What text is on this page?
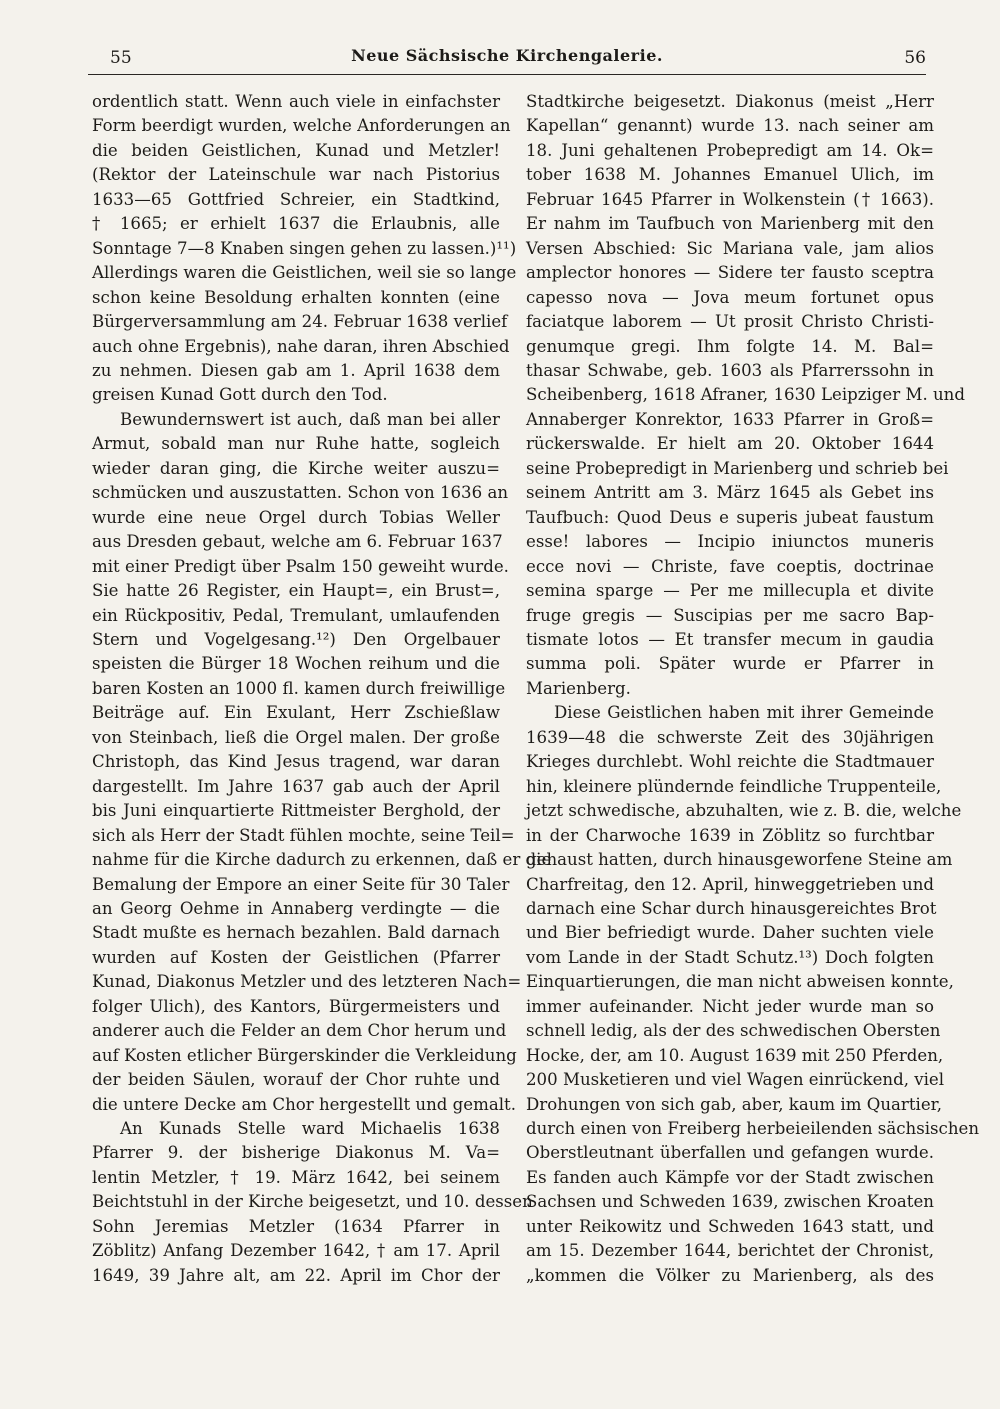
55	Neue Sächsische Kirchengalerie.	56
ordentlich statt. Wenn auch viele in einfachster
Form beerdigt wurden, welche Anforderungen an
die beiden Geistlichen, Kunad und Metzler!
(Rektor der Lateinschule war nach Pistorius
1633—65 Gottfried Schreier, ein Stadtkind,
† 1665; er erhielt 1637 die Erlaubnis, alle
Sonntage 7—8 Knaben singen gehen zu lassen.)¹¹)
Allerdings waren die Geistlichen, weil sie so lange
schon keine Besoldung erhalten konnten (eine
Bürgerversammlung am 24. Februar 1638 verlief
auch ohne Ergebnis), nahe daran, ihren Abschied
zu nehmen. Diesen gab am 1. April 1638 dem
greisen Kunad Gott durch den Tod.
Bewundernswert ist auch, daß man bei aller
Armut, sobald man nur Ruhe hatte, sogleich
wieder daran ging, die Kirche weiter auszu=
schmücken und auszustatten. Schon von 1636 an
wurde eine neue Orgel durch Tobias Weller
aus Dresden gebaut, welche am 6. Februar 1637
mit einer Predigt über Psalm 150 geweiht wurde.
Sie hatte 26 Register, ein Haupt=, ein Brust=,
ein Rückpositiv, Pedal, Tremulant, umlaufenden
Stern und Vogelgesang.¹²) Den Orgelbauer
speisten die Bürger 18 Wochen reihum und die
baren Kosten an 1000 fl. kamen durch freiwillige
Beiträge auf. Ein Exulant, Herr Zschießlaw
von Steinbach, ließ die Orgel malen. Der große
Christoph, das Kind Jesus tragend, war daran
dargestellt. Im Jahre 1637 gab auch der April
bis Juni einquartierte Rittmeister Berghold, der
sich als Herr der Stadt fühlen mochte, seine Teil=
nahme für die Kirche dadurch zu erkennen, daß er die
Bemalung der Empore an einer Seite für 30 Taler
an Georg Oehme in Annaberg verdingte — die
Stadt mußte es hernach bezahlen. Bald darnach
wurden auf Kosten der Geistlichen (Pfarrer
Kunad, Diakonus Metzler und des letzteren Nach=
folger Ulich), des Kantors, Bürgermeisters und
anderer auch die Felder an dem Chor herum und
auf Kosten etlicher Bürgerskinder die Verkleidung
der beiden Säulen, worauf der Chor ruhte und
die untere Decke am Chor hergestellt und gemalt.
An Kunads Stelle ward Michaelis 1638
Pfarrer 9. der bisherige Diakonus M. Va=
lentin Metzler, † 19. März 1642, bei seinem
Beichtstuhl in der Kirche beigesetzt, und 10. dessen
Sohn Jeremias Metzler (1634 Pfarrer in
Zöblitz) Anfang Dezember 1642, † am 17. April
1649, 39 Jahre alt, am 22. April im Chor der
Stadtkirche beigesetzt. Diakonus (meist „Herr
Kapellan“ genannt) wurde 13. nach seiner am
18. Juni gehaltenen Probepredigt am 14. Ok=
tober 1638 M. Johannes Emanuel Ulich, im
Februar 1645 Pfarrer in Wolkenstein († 1663).
Er nahm im Taufbuch von Marienberg mit den
Versen Abschied: Sic Mariana vale, jam alios
amplector honores — Sidere ter fausto sceptra
capesso nova — Jova meum fortunet opus
faciatque laborem — Ut prosit Christo Christi-
genumque gregi. Ihm folgte 14. M. Bal=
thasar Schwabe, geb. 1603 als Pfarrerssohn in
Scheibenberg, 1618 Afraner, 1630 Leipziger M. und
Annaberger Konrektor, 1633 Pfarrer in Groß=
rückerswalde. Er hielt am 20. Oktober 1644
seine Probepredigt in Marienberg und schrieb bei
seinem Antritt am 3. März 1645 als Gebet ins
Taufbuch: Quod Deus e superis jubeat faustum
esse! labores — Incipio iniunctos muneris
ecce novi — Christe, fave coeptis, doctrinae
semina sparge — Per me millecupla et divite
fruge gregis — Suscipias per me sacro Bap-
tismate lotos — Et transfer mecum in gaudia
summa poli. Später wurde er Pfarrer in
Marienberg.
Diese Geistlichen haben mit ihrer Gemeinde
1639—48 die schwerste Zeit des 30jährigen
Krieges durchlebt. Wohl reichte die Stadtmauer
hin, kleinere plündernde feindliche Truppenteile,
jetzt schwedische, abzuhalten, wie z. B. die, welche
in der Charwoche 1639 in Zöblitz so furchtbar
gehaust hatten, durch hinausgeworfene Steine am
Charfreitag, den 12. April, hinweggetrieben und
darnach eine Schar durch hinausgereichtes Brot
und Bier befriedigt wurde. Daher suchten viele
vom Lande in der Stadt Schutz.¹³) Doch folgten
Einquartierungen, die man nicht abweisen konnte,
immer aufeinander. Nicht jeder wurde man so
schnell ledig, als der des schwedischen Obersten
Hocke, der, am 10. August 1639 mit 250 Pferden,
200 Musketieren und viel Wagen einrückend, viel
Drohungen von sich gab, aber, kaum im Quartier,
durch einen von Freiberg herbeieilenden sächsischen
Oberstleutnant überfallen und gefangen wurde.
Es fanden auch Kämpfe vor der Stadt zwischen
Sachsen und Schweden 1639, zwischen Kroaten
unter Reikowitz und Schweden 1643 statt, und
am 15. Dezember 1644, berichtet der Chronist,
„kommen die Völker zu Marienberg, als des
